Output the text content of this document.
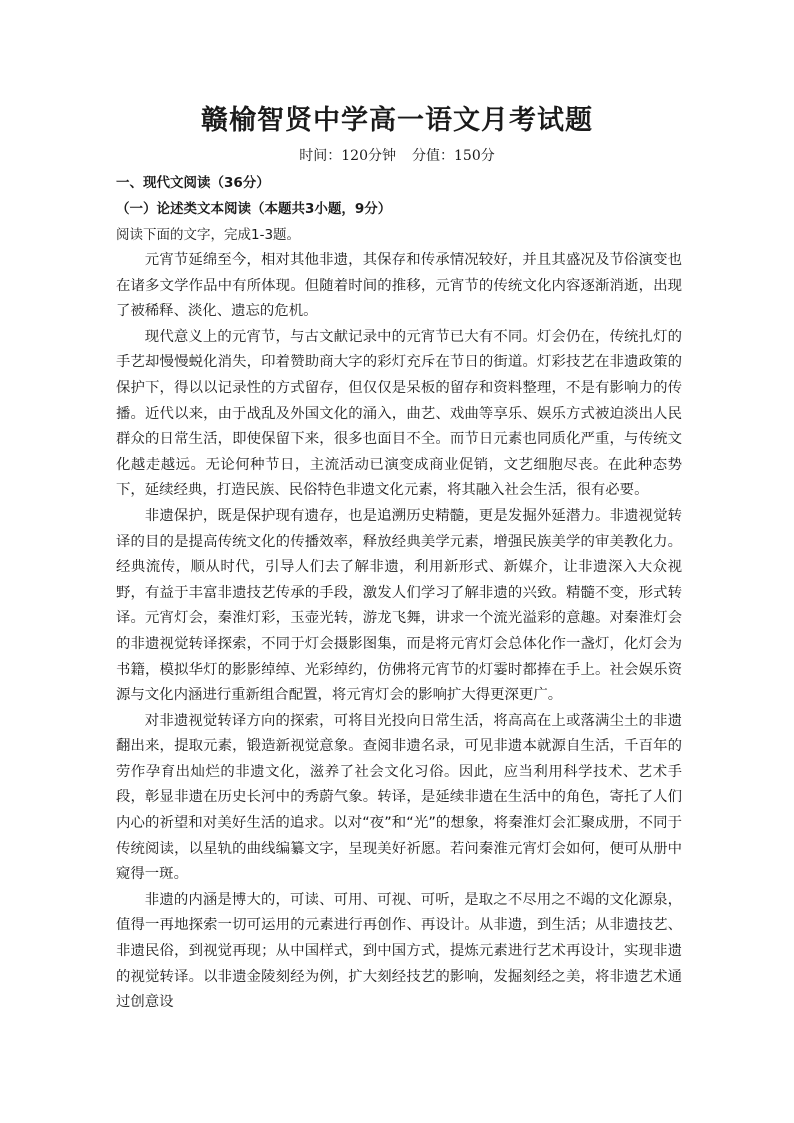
赣榆智贤中学高一语文月考试题
时间：120分钟 分值：150分
一、现代文阅读（36分）
（一）论述类文本阅读（本题共3小题，9分）
阅读下面的文字，完成1-3题。

元宵节延绵至今，相对其他非遗，其保存和传承情况较好，并且其盛况及节俗演变也在诸多文学作品中有所体现。但随着时间的推移，元宵节的传统文化内容逐渐消逝，出现了被稀释、淡化、遗忘的危机。

现代意义上的元宵节，与古文献记录中的元宵节已大有不同。灯会仍在，传统扎灯的手艺却慢慢蜕化消失，印着赞助商大字的彩灯充斥在节日的街道。灯彩技艺在非遗政策的保护下，得以以记录性的方式留存，但仅仅是呆板的留存和资料整理，不是有影响力的传播。近代以来，由于战乱及外国文化的涌入，曲艺、戏曲等享乐、娱乐方式被迫淡出人民群众的日常生活，即使保留下来，很多也面目不全。而节日元素也同质化严重，与传统文化越走越远。无论何种节日，主流活动已演变成商业促销，文艺细胞尽丧。在此种态势下，延续经典，打造民族、民俗特色非遗文化元素，将其融入社会生活，很有必要。

非遗保护，既是保护现有遗存，也是追溯历史精髓，更是发掘外延潜力。非遗视觉转译的目的是提高传统文化的传播效率，释放经典美学元素，增强民族美学的审美教化力。经典流传，顺从时代，引导人们去了解非遗，利用新形式、新媒介，让非遗深入大众视野，有益于丰富非遗技艺传承的手段，激发人们学习了解非遗的兴致。精髓不变，形式转译。元宵灯会，秦淮灯彩，玉壶光转，游龙飞舞，讲求一个流光溢彩的意趣。对秦淮灯会的非遗视觉转译探索，不同于灯会摄影图集，而是将元宵灯会总体化作一盏灯，化灯会为书籍，模拟华灯的影影绰绰、光彩绰约，仿佛将元宵节的灯霎时都捧在手上。社会娱乐资源与文化内涵进行重新组合配置，将元宵灯会的影响扩大得更深更广。

对非遗视觉转译方向的探索，可将目光投向日常生活，将高高在上或落满尘土的非遗翻出来，提取元素，锻造新视觉意象。查阅非遗名录，可见非遗本就源自生活，千百年的劳作孕育出灿烂的非遗文化，滋养了社会文化习俗。因此，应当利用科学技术、艺术手段，彰显非遗在历史长河中的秀蔚气象。转译，是延续非遗在生活中的角色，寄托了人们内心的祈望和对美好生活的追求。以对“夜”和“光”的想象，将秦淮灯会汇聚成册，不同于传统阅读，以星轨的曲线编纂文字，呈现美好祈愿。若问秦淮元宵灯会如何，便可从册中窥得一斑。

非遗的内涵是博大的，可读、可用、可视、可听，是取之不尽用之不竭的文化源泉，值得一再地探索一切可运用的元素进行再创作、再设计。从非遗，到生活；从非遗技艺、非遗民俗，到视觉再现；从中国样式，到中国方式，提炼元素进行艺术再设计，实现非遗的视觉转译。以非遗金陵刻经为例，扩大刻经技艺的影响，发掘刻经之美，将非遗艺术通过创意设
